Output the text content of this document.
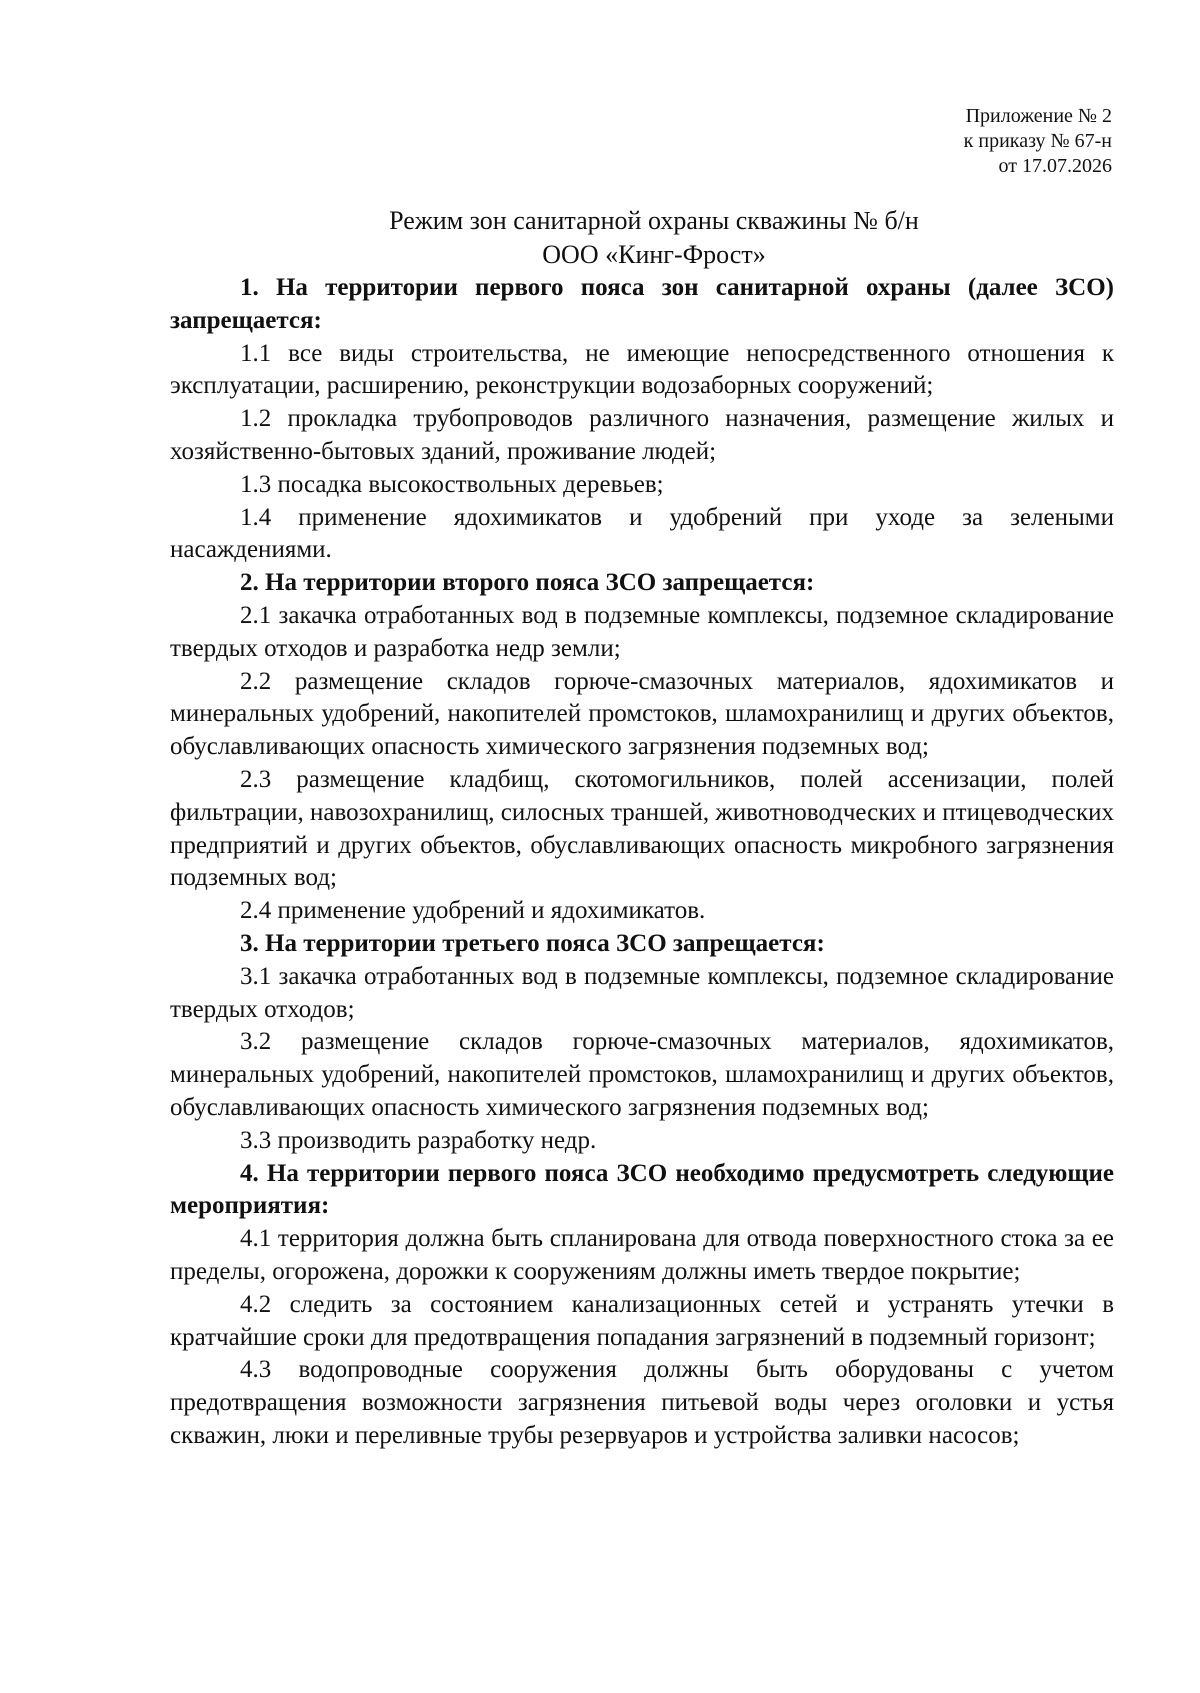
Приложение № 2
к приказу № 67-н
от 17.07.2026
Режим зон санитарной охраны скважины № б/н
ООО «Кинг-Фрост»

1. На территории первого пояса зон санитарной охраны (далее ЗСО) запрещается:

1.1 все виды строительства, не имеющие непосредственного отношения к эксплуатации, расширению, реконструкции водозаборных сооружений;

1.2 прокладка трубопроводов различного назначения, размещение жилых и хозяйственно-бытовых зданий, проживание людей;

1.3 посадка высокоствольных деревьев;

1.4 применение ядохимикатов и удобрений при уходе за зелеными насаждениями.

2. На территории второго пояса ЗСО запрещается:

2.1 закачка отработанных вод в подземные комплексы, подземное складирование твердых отходов и разработка недр земли;

2.2 размещение складов горюче-смазочных материалов, ядохимикатов и минеральных удобрений, накопителей промстоков, шламохранилищ и других объектов, обуславливающих опасность химического загрязнения подземных вод;

2.3 размещение кладбищ, скотомогильников, полей ассенизации, полей фильтрации, навозохранилищ, силосных траншей, животноводческих и птицеводческих предприятий и других объектов, обуславливающих опасность микробного загрязнения подземных вод;

2.4 применение удобрений и ядохимикатов.

3. На территории третьего пояса ЗСО запрещается:

3.1 закачка отработанных вод в подземные комплексы, подземное складирование твердых отходов;

3.2 размещение складов горюче-смазочных материалов, ядохимикатов, минеральных удобрений, накопителей промстоков, шламохранилищ и других объектов, обуславливающих опасность химического загрязнения подземных вод;

3.3 производить разработку недр.

4. На территории первого пояса ЗСО необходимо предусмотреть следующие мероприятия:

4.1 территория должна быть спланирована для отвода поверхностного стока за ее пределы, огорожена, дорожки к сооружениям должны иметь твердое покрытие;

4.2 следить за состоянием канализационных сетей и устранять утечки в кратчайшие сроки для предотвращения попадания загрязнений в подземный горизонт;

4.3 водопроводные сооружения должны быть оборудованы с учетом предотвращения возможности загрязнения питьевой воды через оголовки и устья скважин, люки и переливные трубы резервуаров и устройства заливки насосов;
